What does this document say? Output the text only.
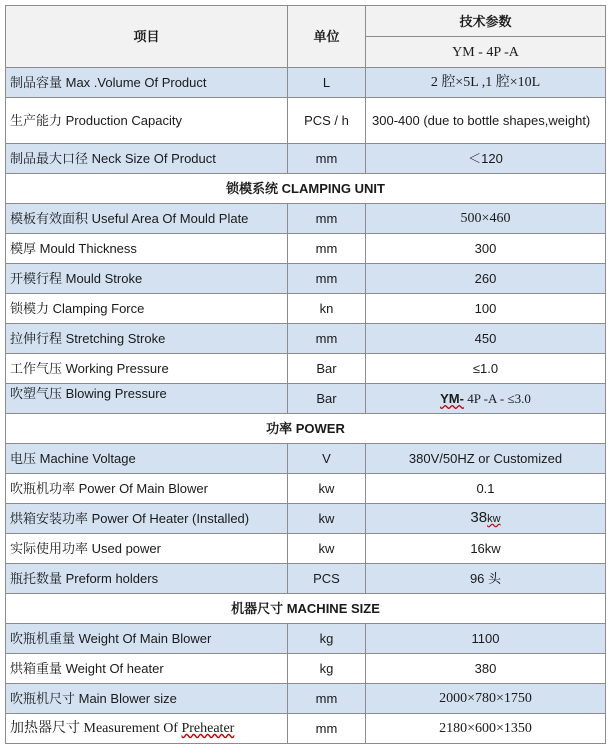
项目	单位	技术参数
		YM - 4P -A
制品容量 Max .Volume Of Product	L	2 腔×5L ,1 腔×10L
生产能力 Production Capacity	PCS / h	300-400 (due to bottle shapes,weight)
制品最大口径 Neck Size Of Product	mm	＜120
锁模系统 CLAMPING UNIT		
模板有效面积 Useful Area Of Mould Plate	mm	500×460
模厚 Mould Thickness	mm	300
开模行程 Mould Stroke	mm	260
锁模力 Clamping Force	kn	100
拉伸行程 Stretching Stroke	mm	450
工作气压 Working Pressure	Bar	≤1.0
吹塑气压 Blowing Pressure	Bar	YM- 4P -A - ≤3.0
功率 POWER		
电压 Machine Voltage	V	380V/50HZ or Customized
吹瓶机功率 Power Of Main Blower	kw	0.1
烘箱安装功率 Power Of Heater (Installed)	kw	38kw
实际使用功率 Used power	kw	16kw
瓶托数量 Preform holders	PCS	96 头
机器尺寸 MACHINE SIZE		
吹瓶机重量 Weight Of Main Blower	kg	1100
烘箱重量 Weight Of heater	kg	380
吹瓶机尺寸 Main Blower size	mm	2000×780×1750
加热器尺寸 Measurement Of Preheater	mm	2180×600×1350
